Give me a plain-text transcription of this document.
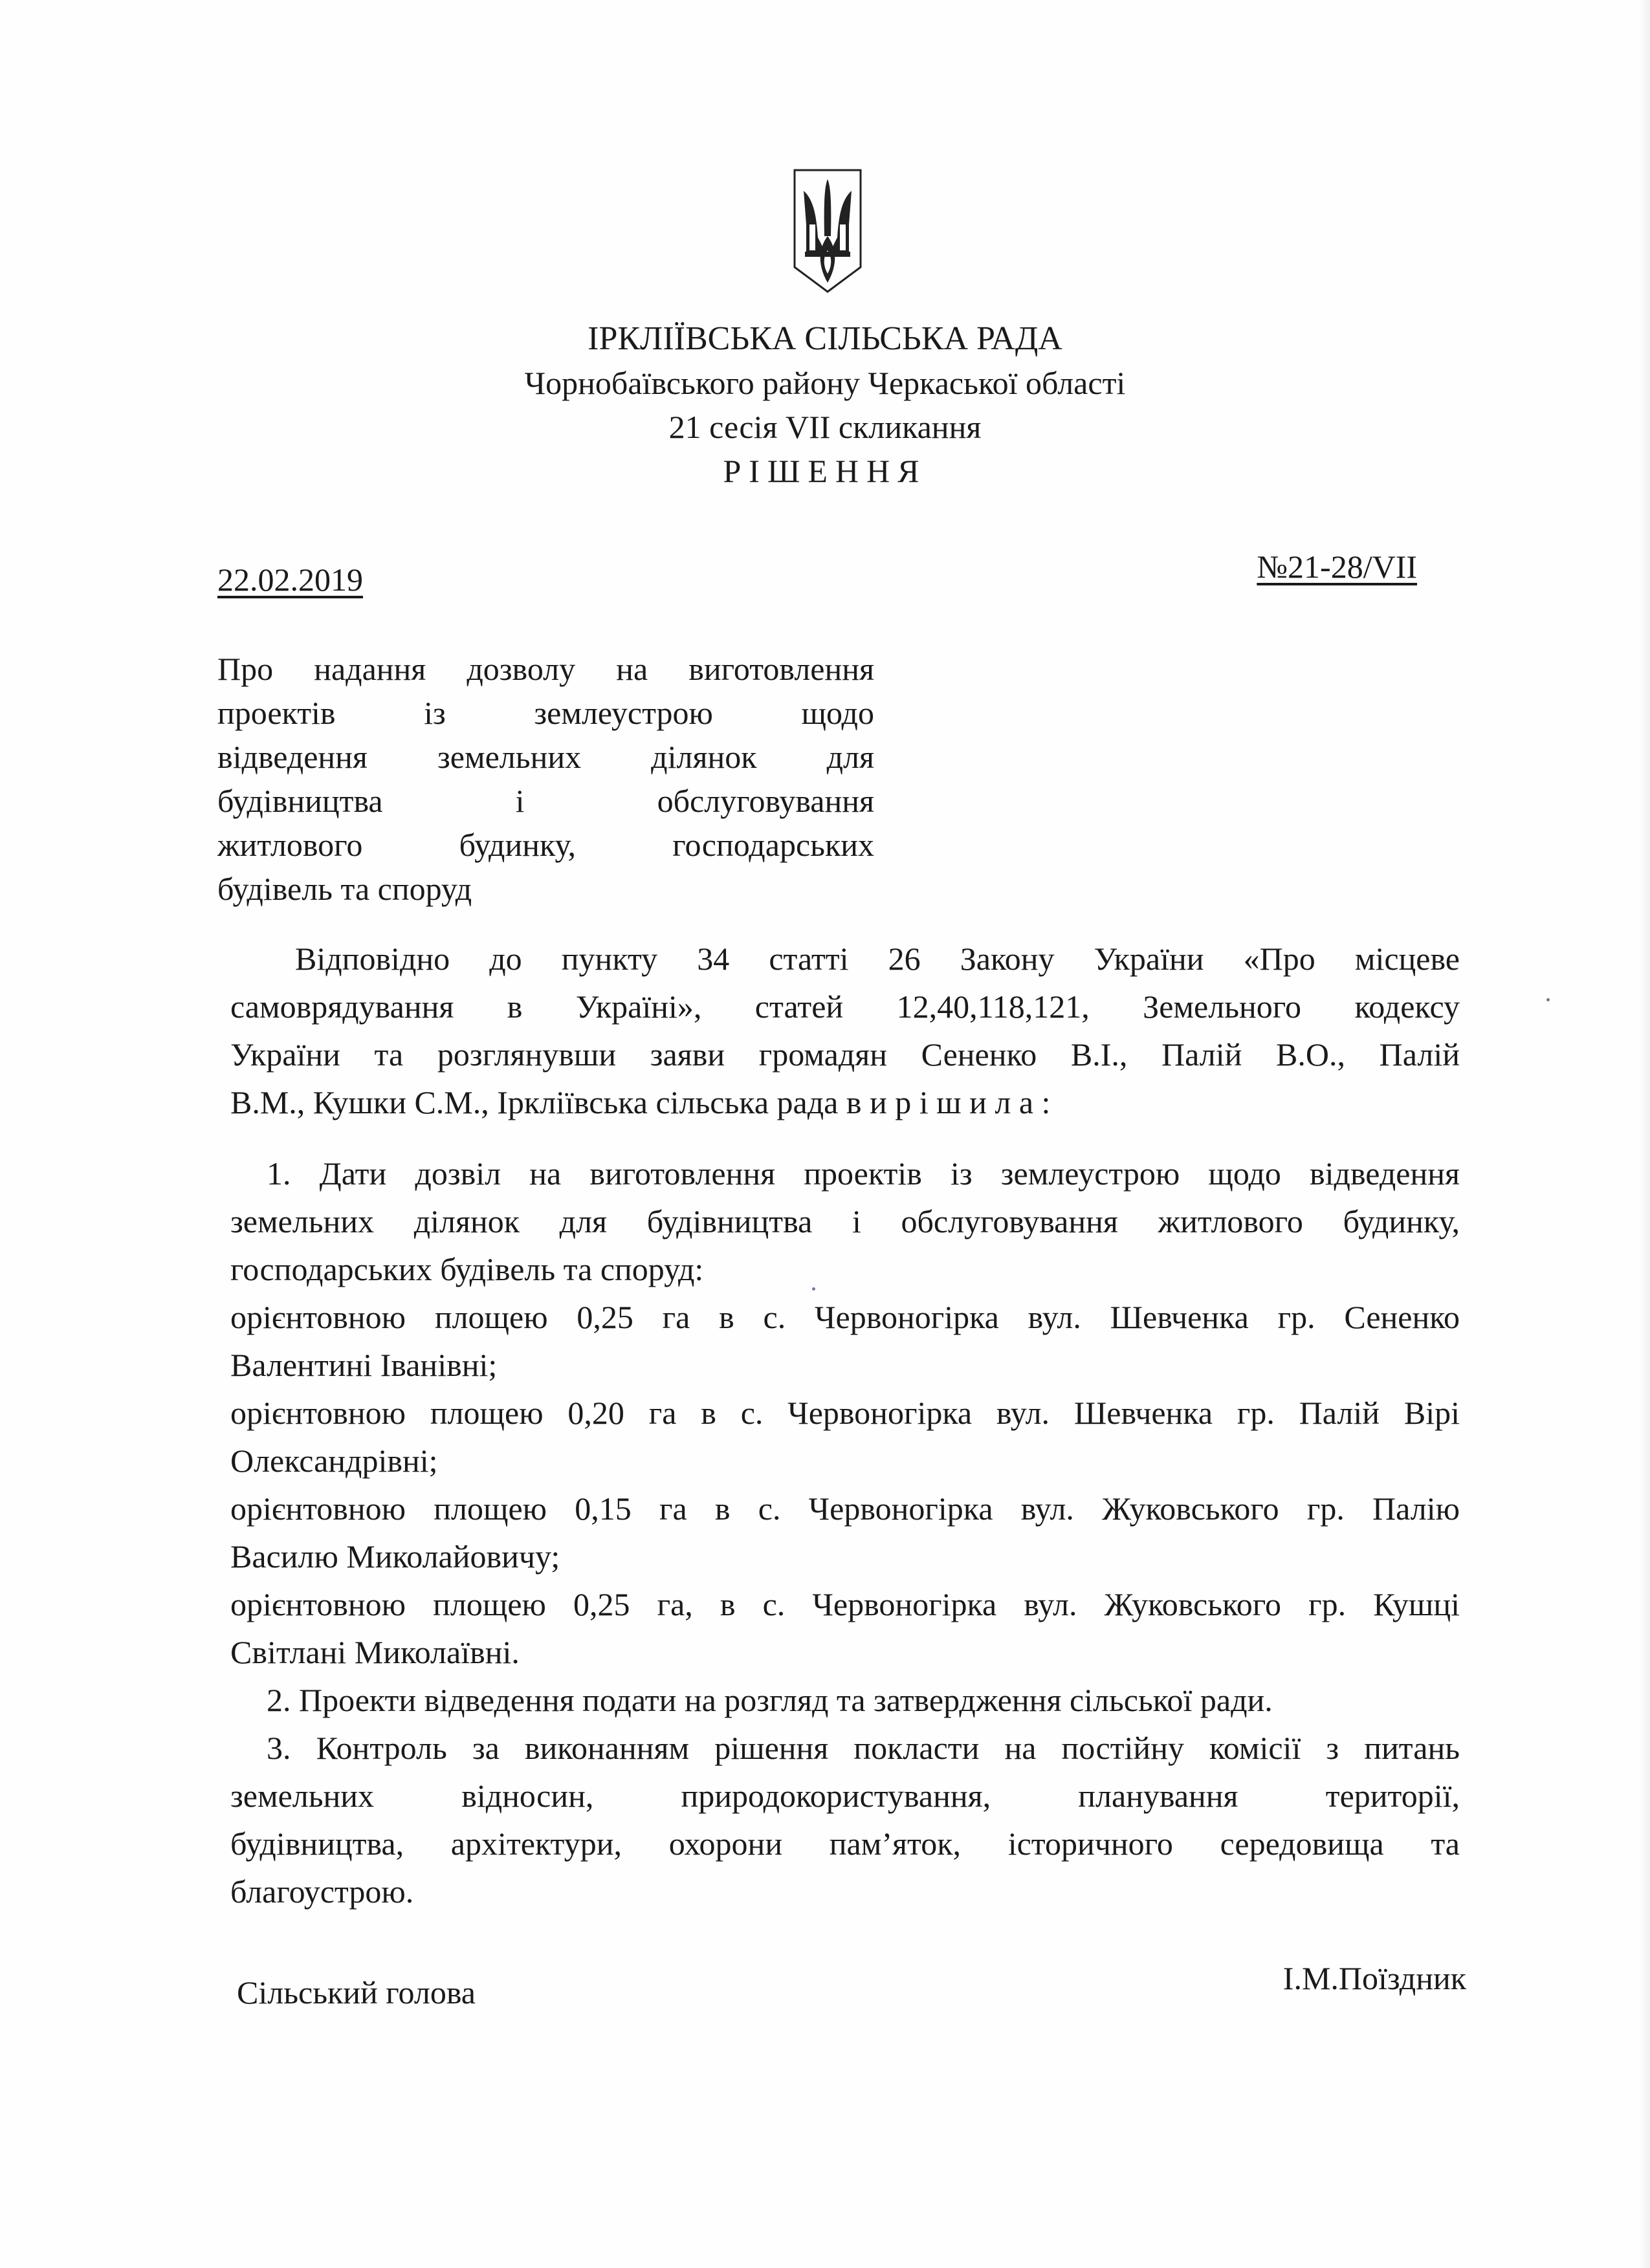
ІРКЛІЇВСЬКА СІЛЬСЬКА РАДА
Чорнобаївського району Черкаської області
21 сесія VII скликання
РІШЕННЯ
22.02.2019	№21-28/VII
Про надання дозволу на виготовлення
проектів із землеустрою щодо
відведення земельних ділянок для
будівництва і обслуговування
житлового будинку, господарських
будівель та споруд
Відповідно до пункту 34 статті 26 Закону України «Про місцеве
самоврядування в Україні», статей 12,40,118,121, Земельного кодексу
України та розглянувши заяви громадян Сененко В.І., Палій В.О., Палій
В.М., Кушки С.М., Ірклiївська сільська рада в и р і ш и л а :
1. Дати дозвіл на виготовлення проектів із землеустрою щодо відведення
земельних ділянок для будівництва і обслуговування житлового будинку,
господарських будівель та споруд:
орієнтовною площею 0,25 га в с. Червоногірка вул. Шевченка гр. Сененко
Валентині Іванівні;
орієнтовною площею 0,20 га в с. Червоногірка вул. Шевченка гр. Палій Вірі
Олександрівні;
орієнтовною площею 0,15 га в с. Червоногірка вул. Жуковського гр. Палію
Василю Миколайовичу;
орієнтовною площею 0,25 га, в с. Червоногірка вул. Жуковського гр. Кушці
Світлані Миколаївні.
2. Проекти відведення подати на розгляд та затвердження сільської ради.
3. Контроль за виконанням рішення покласти на постійну комісії з питань
земельних відносин, природокористування, планування території,
будівництва, архітектури, охорони пам’яток, історичного середовища та
благоустрою.
Сільський голова	І.М.Поїздник
